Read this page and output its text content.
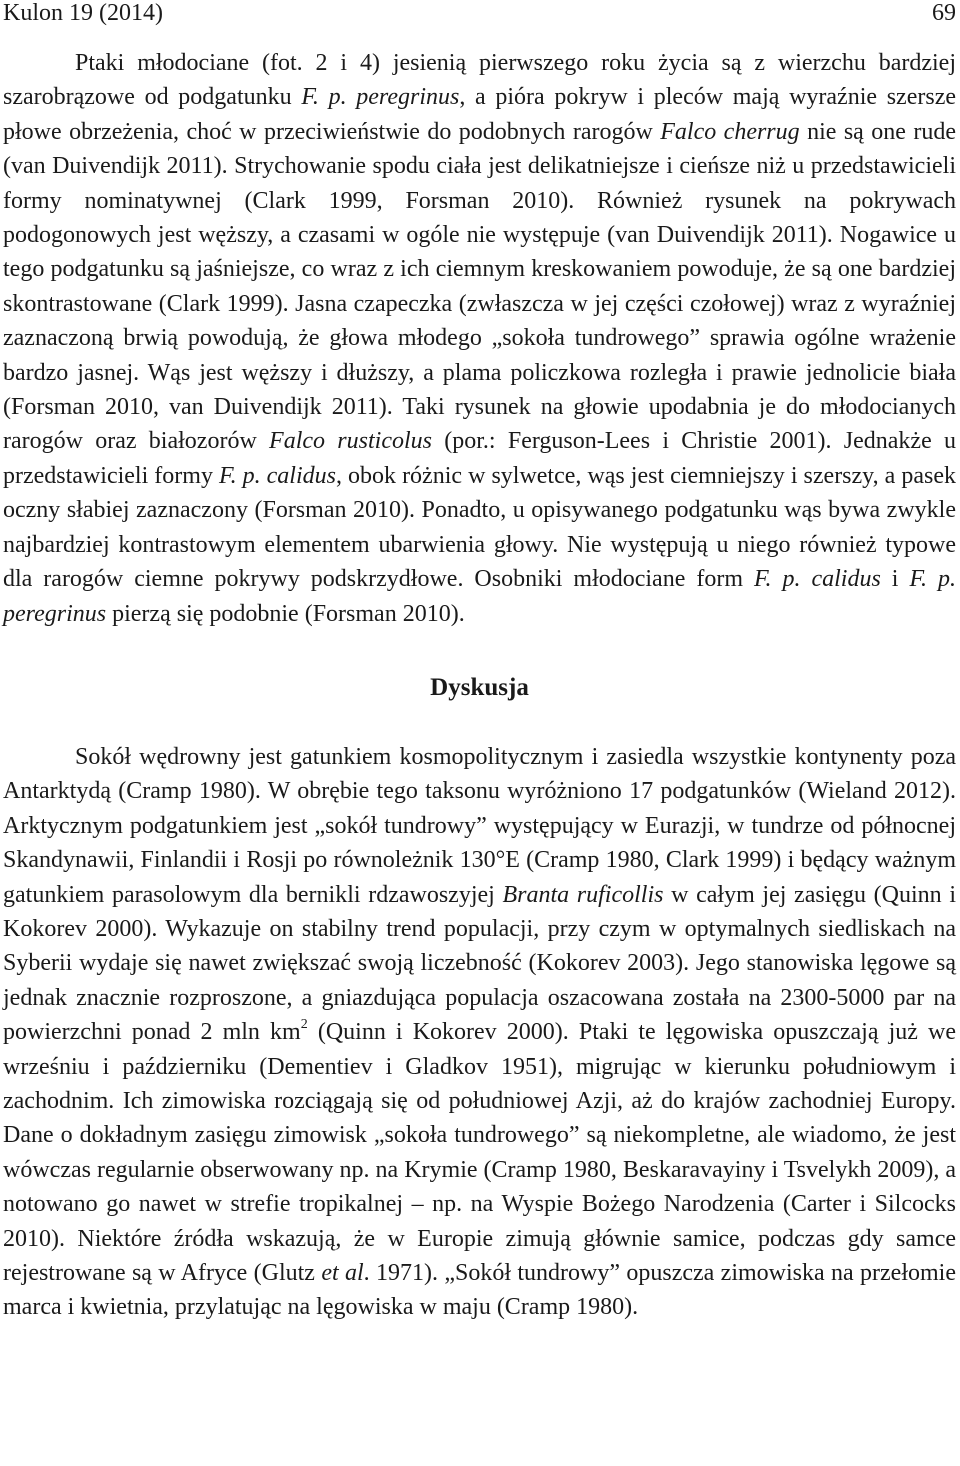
Kulon 19 (2014)	69

Ptaki młodociane (fot. 2 i 4) jesienią pierwszego roku życia są z wierzchu bardziej szarobrązowe od podgatunku F. p. peregrinus, a pióra pokryw i pleców mają wyraźnie szersze płowe obrzeżenia, choć w przeciwieństwie do podobnych rarogów Falco cherrug nie są one rude (van Duivendijk 2011). Strychowanie spodu ciała jest delikatniejsze i cieńsze niż u przedstawicieli formy nominatywnej (Clark 1999, Forsman 2010). Również rysunek na pokrywach podogonowych jest węższy, a czasami w ogóle nie występuje (van Duivendijk 2011). Nogawice u tego podgatunku są jaśniejsze, co wraz z ich ciemnym kreskowaniem powoduje, że są one bardziej skontrastowane (Clark 1999). Jasna czapeczka (zwłaszcza w jej części czołowej) wraz z wyraźniej zaznaczoną brwią powodują, że głowa młodego „sokoła tundrowego” sprawia ogólne wrażenie bardzo jasnej. Wąs jest węższy i dłuższy, a plama policzkowa rozległa i prawie jednolicie biała (Forsman 2010, van Duivendijk 2011). Taki rysunek na głowie upodabnia je do młodocianych rarogów oraz białozorów Falco rusticolus (por.: Ferguson-Lees i Christie 2001). Jednakże u przedstawicieli formy F. p. calidus, obok różnic w sylwetce, wąs jest ciemniejszy i szerszy, a pasek oczny słabiej zaznaczony (Forsman 2010). Ponadto, u opisywanego podgatunku wąs bywa zwykle najbardziej kontrastowym elementem ubarwienia głowy. Nie występują u niego również typowe dla rarogów ciemne pokrywy podskrzydłowe. Osobniki młodociane form F. p. calidus i F. p. peregrinus pierzą się podobnie (Forsman 2010).

Dyskusja

Sokół wędrowny jest gatunkiem kosmopolitycznym i zasiedla wszystkie kontynenty poza Antarktydą (Cramp 1980). W obrębie tego taksonu wyróżniono 17 podgatunków (Wieland 2012). Arktycznym podgatunkiem jest „sokół tundrowy” występujący w Eurazji, w tundrze od północnej Skandynawii, Finlandii i Rosji po równoleżnik 130°E (Cramp 1980, Clark 1999) i będący ważnym gatunkiem parasolowym dla bernikli rdzawoszyjej Branta ruficollis w całym jej zasięgu (Quinn i Kokorev 2000). Wykazuje on stabilny trend populacji, przy czym w optymalnych siedliskach na Syberii wydaje się nawet zwiększać swoją liczebność (Kokorev 2003). Jego stanowiska lęgowe są jednak znacznie rozproszone, a gniazdująca populacja oszacowana została na 2300-5000 par na powierzchni ponad 2 mln $km^2$ (Quinn i Kokorev 2000). Ptaki te lęgowiska opuszczają już we wrześniu i październiku (Dementiev i Gladkov 1951), migrując w kierunku południowym i zachodnim. Ich zimowiska rozciągają się od południowej Azji, aż do krajów zachodniej Europy. Dane o dokładnym zasięgu zimowisk „sokoła tundrowego” są niekompletne, ale wiadomo, że jest wówczas regularnie obserwowany np. na Krymie (Cramp 1980, Beskaravayiny i Tsvelykh 2009), a notowano go nawet w strefie tropikalnej – np. na Wyspie Bożego Narodzenia (Carter i Silcocks 2010). Niektóre źródła wskazują, że w Europie zimują głównie samice, podczas gdy samce rejestrowane są w Afryce (Glutz et al. 1971). „Sokół tundrowy” opuszcza zimowiska na przełomie marca i kwietnia, przylatując na lęgowiska w maju (Cramp 1980).
